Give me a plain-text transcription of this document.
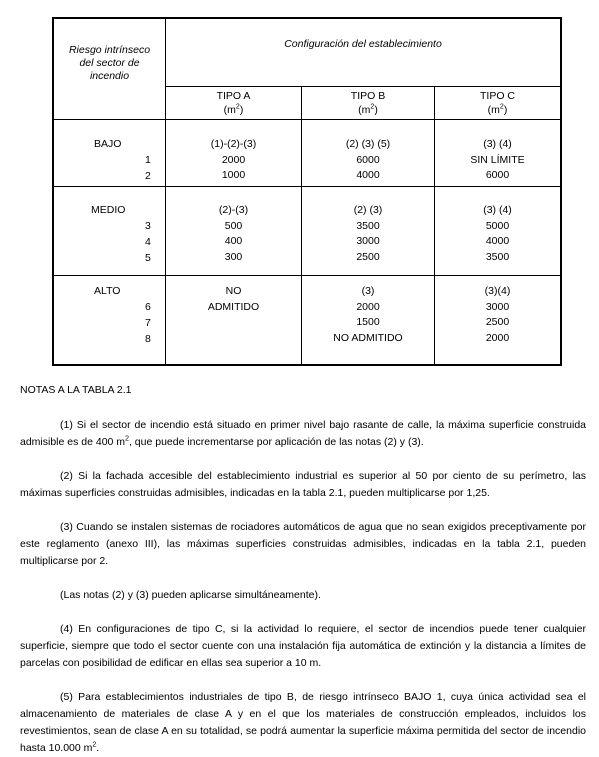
Riesgo intrínseco
del sector de
incendio
Configuración del establecimiento
TIPO A
$(m^2)$
TIPO B
$(m^2)$
TIPO C
$(m^2)$
BAJO
1
2
(1)-(2)-(3)
2000
1000
(2) (3) (5)
6000
4000
(3) (4)
SIN LÍMITE
6000
MEDIO
3
4
5
(2)-(3)
500
400
300
(2) (3)
3500
3000
2500
(3) (4)
5000
4000
3500
ALTO
6
7
8
NO
ADMITIDO
(3)
2000
1500
NO ADMITIDO
(3)(4)
3000
2500
2000

NOTAS A LA TABLA 2.1

(1) Si el sector de incendio está situado en primer nivel bajo rasante de calle, la máxima superficie construida admisible es de 400 $m^2$, que puede incrementarse por aplicación de las notas (2) y (3).

(2) Si la fachada accesible del establecimiento industrial es superior al 50 por ciento de su perímetro, las máximas superficies construidas admisibles, indicadas en la tabla 2.1, pueden multiplicarse por 1,25.

(3) Cuando se instalen sistemas de rociadores automáticos de agua que no sean exigidos preceptivamente por este reglamento (anexo III), las máximas superficies construidas admisibles, indicadas en la tabla 2.1, pueden multiplicarse por 2.

(Las notas (2) y (3) pueden aplicarse simultáneamente).

(4) En configuraciones de tipo C, si la actividad lo requiere, el sector de incendios puede tener cualquier superficie, siempre que todo el sector cuente con una instalación fija automática de extinción y la distancia a límites de parcelas con posibilidad de edificar en ellas sea superior a 10 m.

(5) Para establecimientos industriales de tipo B, de riesgo intrínseco BAJO 1, cuya única actividad sea el almacenamiento de materiales de clase A y en el que los materiales de construcción empleados, incluidos los revestimientos, sean de clase A en su totalidad, se podrá aumentar la superficie máxima permitida del sector de incendio hasta 10.000 $m^2$.
